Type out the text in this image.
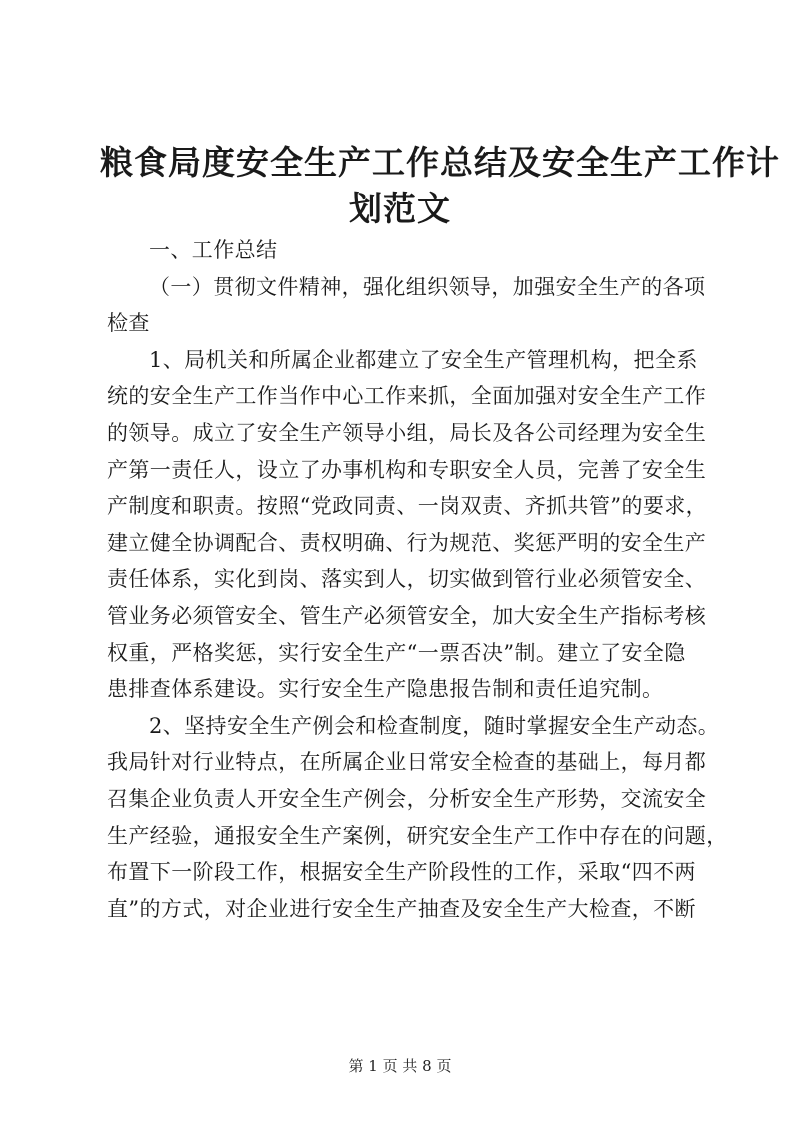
粮食局度安全生产工作总结及安全生产工作计
划范文
一、工作总结
（一）贯彻文件精神，强化组织领导，加强安全生产的各项
检查
1、局机关和所属企业都建立了安全生产管理机构，把全系
统的安全生产工作当作中心工作来抓，全面加强对安全生产工作
的领导。成立了安全生产领导小组，局长及各公司经理为安全生
产第一责任人，设立了办事机构和专职安全人员，完善了安全生
产制度和职责。按照“党政同责、一岗双责、齐抓共管”的要求，
建立健全协调配合、责权明确、行为规范、奖惩严明的安全生产
责任体系，实化到岗、落实到人，切实做到管行业必须管安全、
管业务必须管安全、管生产必须管安全，加大安全生产指标考核
权重，严格奖惩，实行安全生产“一票否决”制。建立了安全隐
患排查体系建设。实行安全生产隐患报告制和责任追究制。
2、坚持安全生产例会和检查制度，随时掌握安全生产动态。
我局针对行业特点，在所属企业日常安全检查的基础上，每月都
召集企业负责人开安全生产例会，分析安全生产形势，交流安全
生产经验，通报安全生产案例，研究安全生产工作中存在的问题，
布置下一阶段工作，根据安全生产阶段性的工作，采取“四不两
直”的方式，对企业进行安全生产抽查及安全生产大检查，不断
第 1 页 共 8 页
